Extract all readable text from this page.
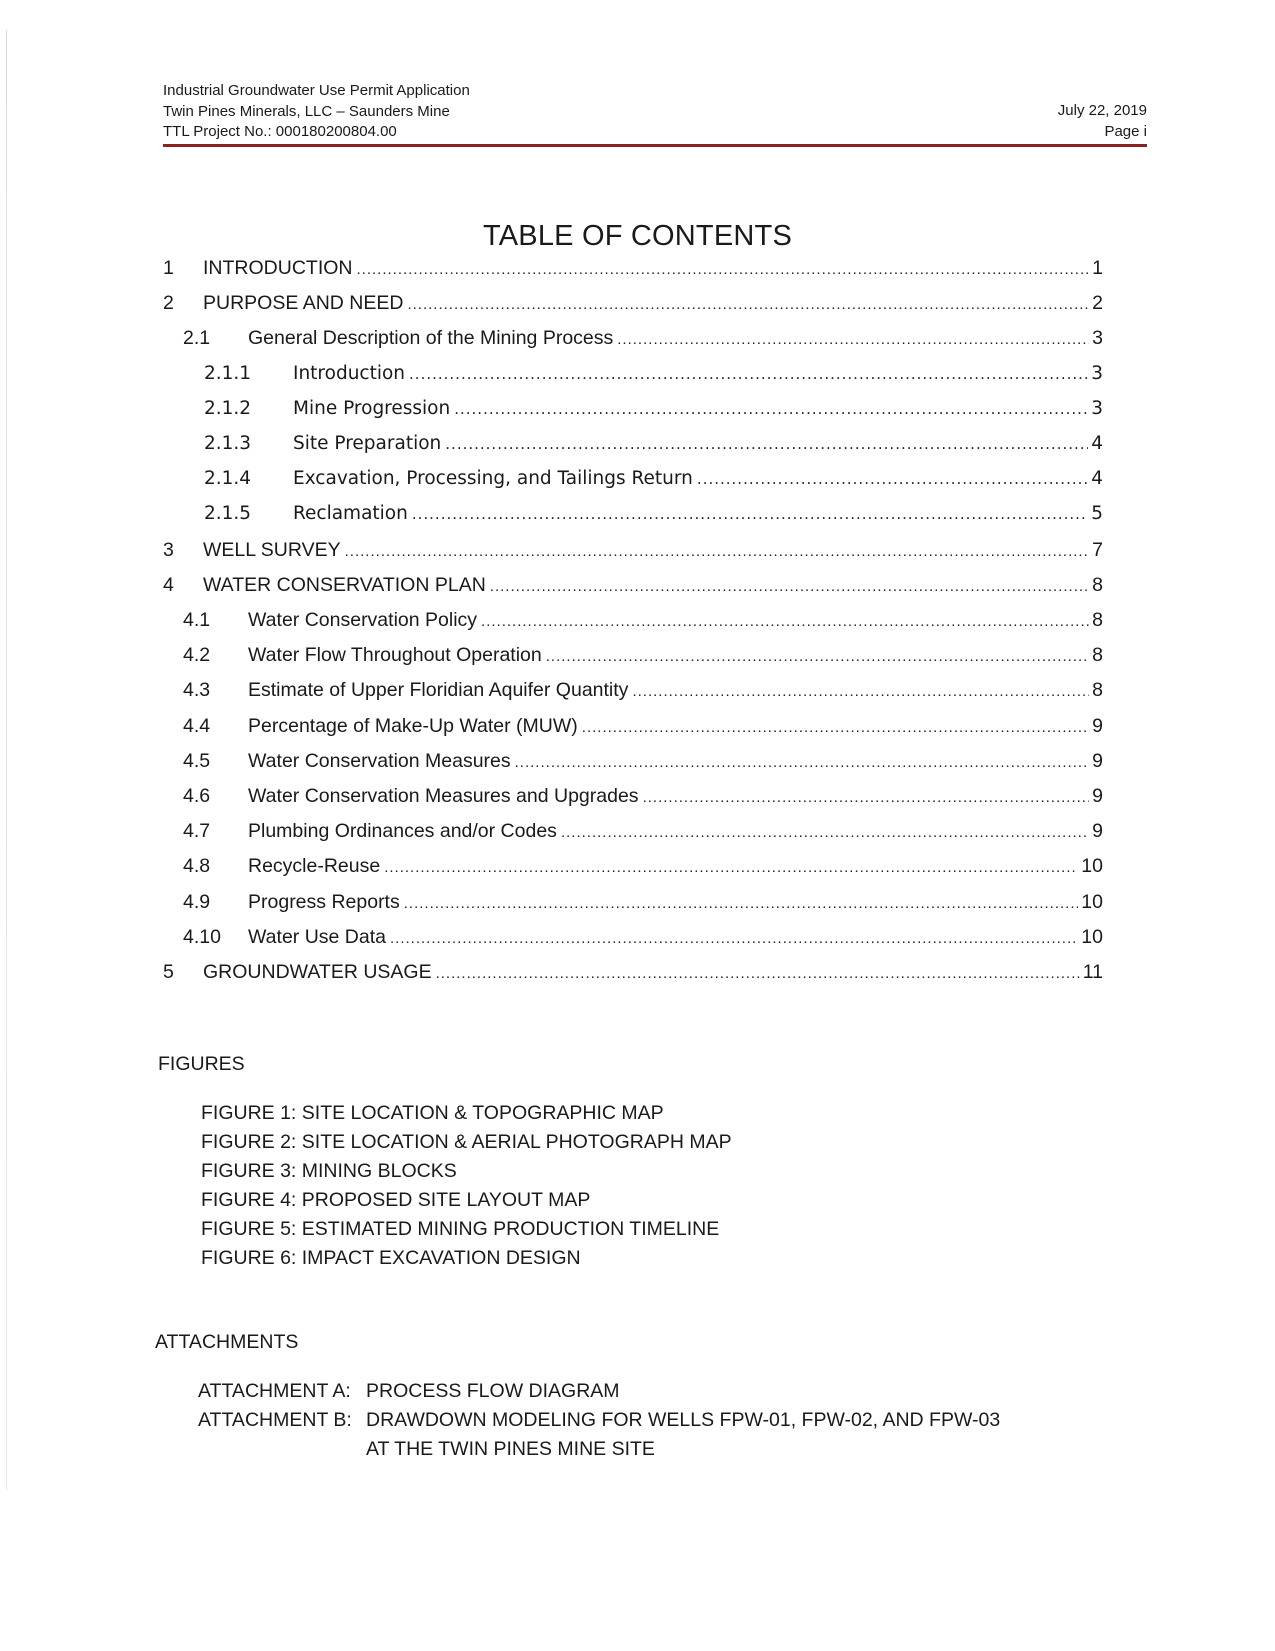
Industrial Groundwater Use Permit Application
Twin Pines Minerals, LLC – Saunders Mine
TTL Project No.: 000180200804.00
July 22, 2019
Page i
TABLE OF CONTENTS
1	INTRODUCTION .....	1
2	PURPOSE AND NEED .....	2
2.1	General Description of the Mining Process .....	3
2.1.1	Introduction .....	3
2.1.2	Mine Progression .....	3
2.1.3	Site Preparation .....	4
2.1.4	Excavation, Processing, and Tailings Return .....	4
2.1.5	Reclamation .....	5
3	WELL SURVEY .....	7
4	WATER CONSERVATION PLAN .....	8
4.1	Water Conservation Policy .....	8
4.2	Water Flow Throughout Operation .....	8
4.3	Estimate of Upper Floridian Aquifer Quantity .....	8
4.4	Percentage of Make-Up Water (MUW) .....	9
4.5	Water Conservation Measures .....	9
4.6	Water Conservation Measures and Upgrades .....	9
4.7	Plumbing Ordinances and/or Codes .....	9
4.8	Recycle-Reuse .....	10
4.9	Progress Reports .....	10
4.10	Water Use Data .....	10
5	GROUNDWATER USAGE .....	11
FIGURES
FIGURE 1: SITE LOCATION & TOPOGRAPHIC MAP
FIGURE 2: SITE LOCATION & AERIAL PHOTOGRAPH MAP
FIGURE 3: MINING BLOCKS
FIGURE 4: PROPOSED SITE LAYOUT MAP
FIGURE 5: ESTIMATED MINING PRODUCTION TIMELINE
FIGURE 6: IMPACT EXCAVATION DESIGN
ATTACHMENTS
ATTACHMENT A: PROCESS FLOW DIAGRAM
ATTACHMENT B: DRAWDOWN MODELING FOR WELLS FPW-01, FPW-02, AND FPW-03
AT THE TWIN PINES MINE SITE
